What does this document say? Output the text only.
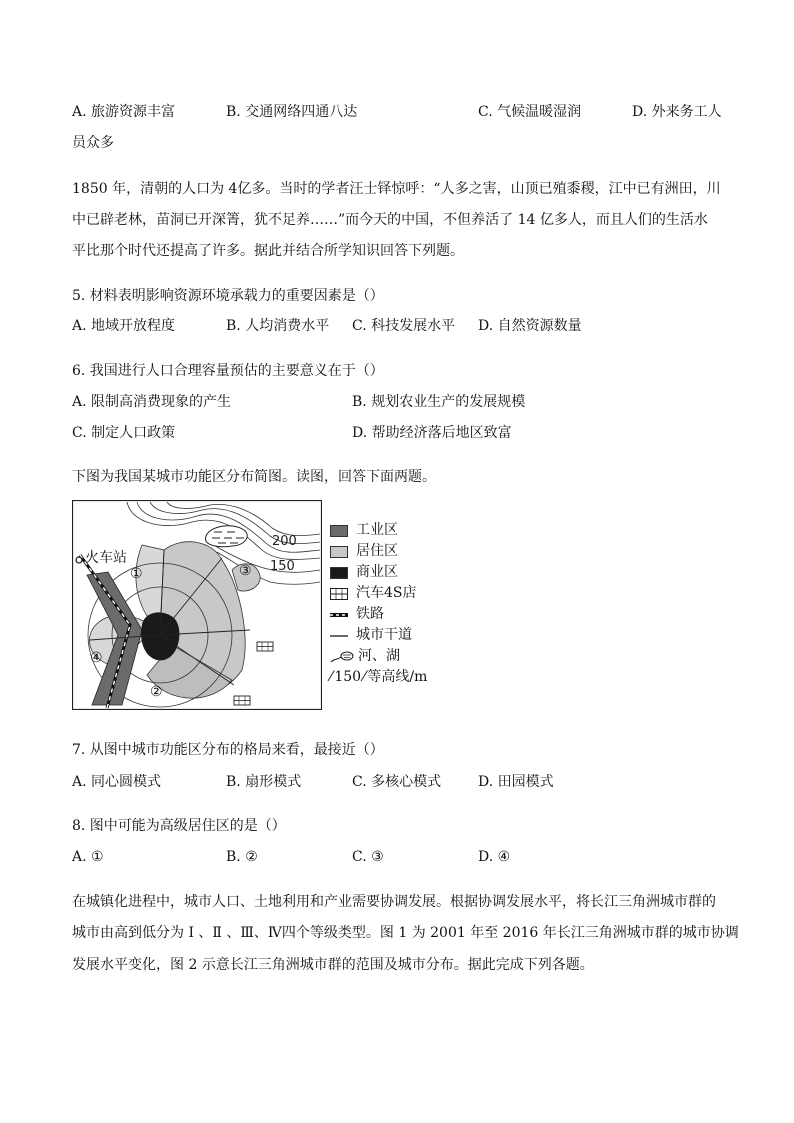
A. 旅游资源丰富	B. 交通网络四通八达	C. 气候温暖湿润	D. 外来务工人
员众多
1850 年，清朝的人口为 4亿多。当时的学者汪士铎惊呼：“人多之害，山顶已殖黍稷，江中已有洲田，川
中已辟老林，苗洞已开深箐，犹不足养……”而今天的中国，不但养活了 14 亿多人，而且人们的生活水
平比那个时代还提高了许多。据此并结合所学知识回答下列题。
5. 材料表明影响资源环境承载力的重要因素是（）
A. 地域开放程度	B. 人均消费水平 C. 科技发展水平 D. 自然资源数量
6. 我国进行人口合理容量预估的主要意义在于（）
A. 限制高消费现象的产生	B. 规划农业生产的发展规模
C. 制定人口政策	D. 帮助经济落后地区致富
下图为我国某城市功能区分布简图。读图，回答下面两题。
200
150
火车站
①
②
③
④
工业区
居住区
商业区
汽车4S店
铁路
城市干道
河、湖
⁄ 150 ⁄ 等高线/m
7. 从图中城市功能区分布的格局来看，最接近（）
A. 同心圆模式	B. 扇形模式	C. 多核心模式	D. 田园模式
8. 图中可能为高级居住区的是（）
A. ①	B. ②	C. ③	D. ④
在城镇化进程中，城市人口、土地利用和产业需要协调发展。根据协调发展水平，将长江三角洲城市群的
城市由高到低分为 Ⅰ 、Ⅱ 、Ⅲ、Ⅳ四个等级类型。图 1 为 2001 年至 2016 年长江三角洲城市群的城市协调
发展水平变化，图 2 示意长江三角洲城市群的范围及城市分布。据此完成下列各题。
